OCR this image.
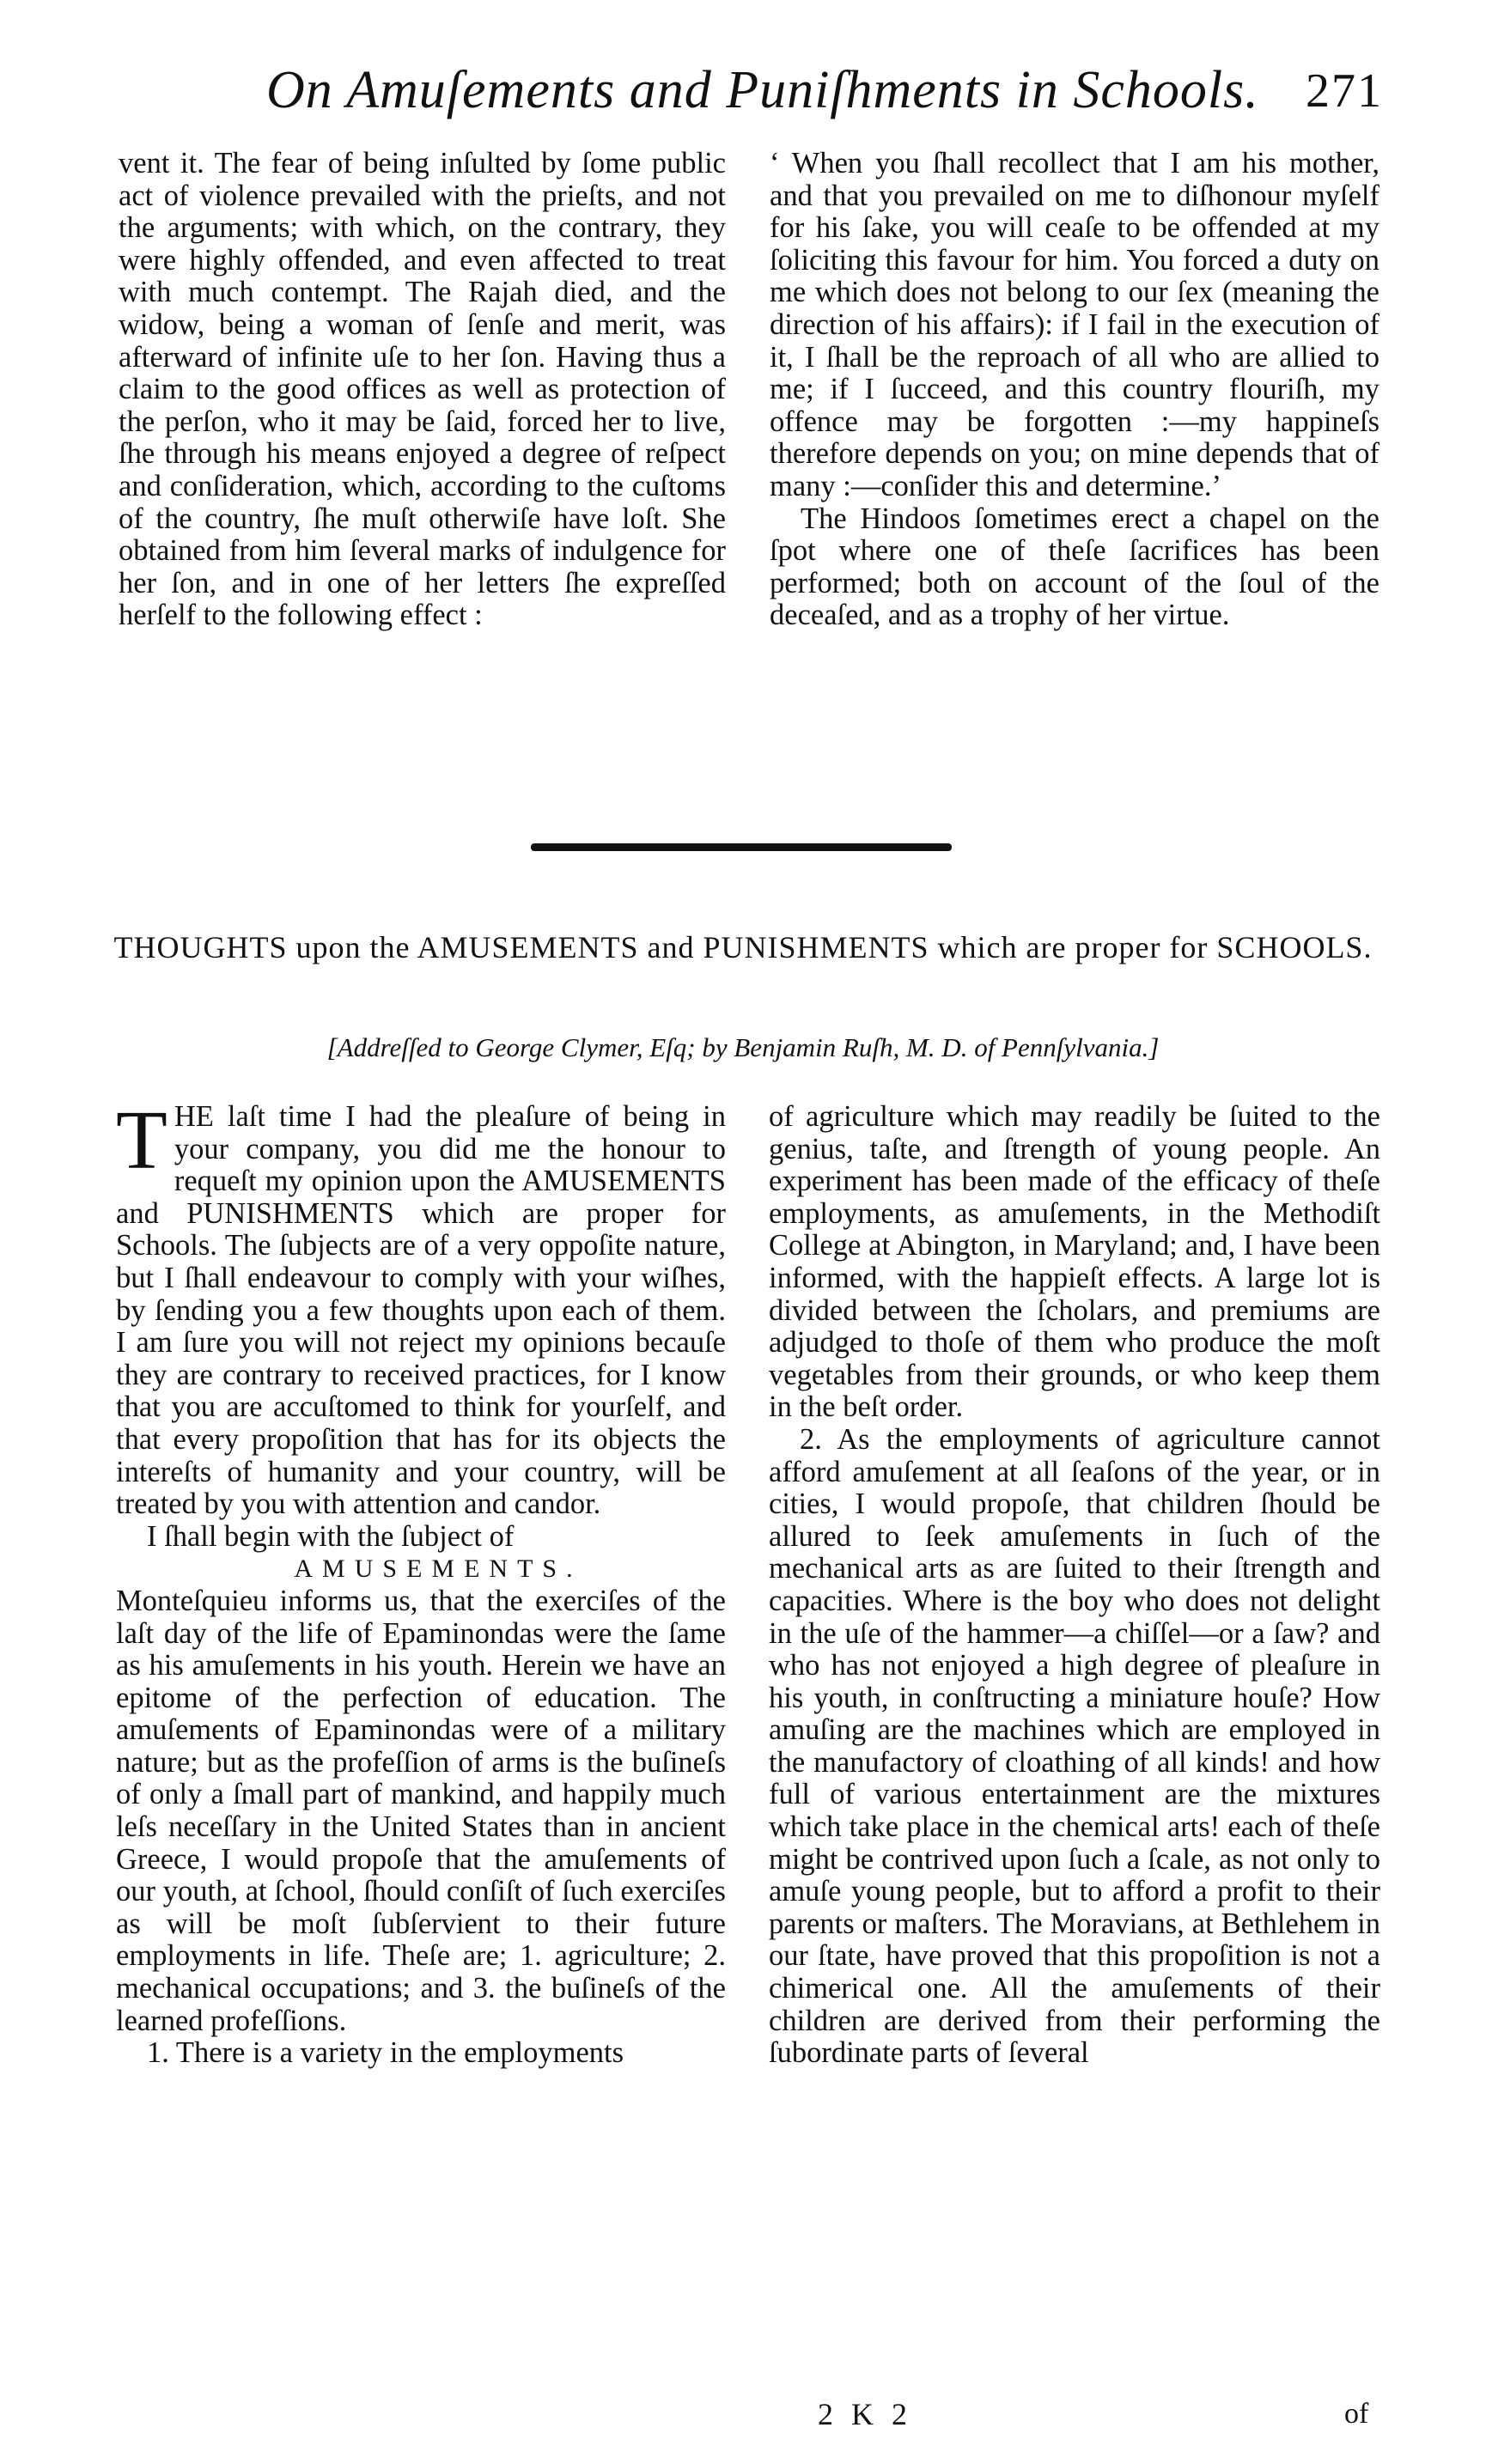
On Amuſements and Puniſhments in Schools. 271

vent it. The fear of being inſulted by ſome public act of violence prevailed with the prieſts, and not the arguments; with which, on the contrary, they were highly offended, and even affected to treat with much contempt. The Rajah died, and the widow, being a woman of ſenſe and merit, was afterward of infinite uſe to her ſon. Having thus a claim to the good offices as well as protection of the perſon, who it may be ſaid, forced her to live, ſhe through his means enjoyed a degree of reſpect and conſideration, which, according to the cuſtoms of the country, ſhe muſt otherwiſe have loſt. She obtained from him ſeveral marks of indulgence for her ſon, and in one of her letters ſhe expreſſed herſelf to the following effect :

‘ When you ſhall recollect that I am his mother, and that you prevailed on me to diſhonour myſelf for his ſake, you will ceaſe to be offended at my ſoliciting this favour for him. You forced a duty on me which does not belong to our ſex (meaning the direction of his affairs): if I fail in the execution of it, I ſhall be the reproach of all who are allied to me; if I ſucceed, and this country flouriſh, my offence may be forgotten :—my happineſs therefore depends on you; on mine depends that of many :—conſider this and determine.’

The Hindoos ſometimes erect a chapel on the ſpot where one of theſe ſacrifices has been performed; both on account of the ſoul of the deceaſed, and as a trophy of her virtue.

THOUGHTS upon the AMUSEMENTS and PUNISHMENTS which are proper for SCHOOLS.
[Addreſſed to George Clymer, Eſq; by Benjamin Ruſh, M. D. of Pennſylvania.]

THE laſt time I had the pleaſure of being in your company, you did me the honour to requeſt my opinion upon the AMUSEMENTS and PUNISHMENTS which are proper for Schools. The ſubjects are of a very oppoſite nature, but I ſhall endeavour to comply with your wiſhes, by ſending you a few thoughts upon each of them. I am ſure you will not reject my opinions becauſe they are contrary to received practices, for I know that you are accuſtomed to think for yourſelf, and that every propoſition that has for its objects the intereſts of humanity and your country, will be treated by you with attention and candor.

I ſhall begin with the ſubject of

AMUSEMENTS.

Monteſquieu informs us, that the exerciſes of the laſt day of the life of Epaminondas were the ſame as his amuſements in his youth. Herein we have an epitome of the perfection of education. The amuſements of Epaminondas were of a military nature; but as the profeſſion of arms is the buſineſs of only a ſmall part of mankind, and happily much leſs neceſſary in the United States than in ancient Greece, I would propoſe that the amuſements of our youth, at ſchool, ſhould conſiſt of ſuch exerciſes as will be moſt ſubſervient to their future employments in life. Theſe are; 1. agriculture; 2. mechanical occupations; and 3. the buſineſs of the learned profeſſions.

1. There is a variety in the employments

of agriculture which may readily be ſuited to the genius, taſte, and ſtrength of young people. An experiment has been made of the efficacy of theſe employments, as amuſements, in the Methodiſt College at Abington, in Maryland; and, I have been informed, with the happieſt effects. A large lot is divided between the ſcholars, and premiums are adjudged to thoſe of them who produce the moſt vegetables from their grounds, or who keep them in the beſt order.

2. As the employments of agriculture cannot afford amuſement at all ſeaſons of the year, or in cities, I would propoſe, that children ſhould be allured to ſeek amuſements in ſuch of the mechanical arts as are ſuited to their ſtrength and capacities. Where is the boy who does not delight in the uſe of the hammer—a chiſſel—or a ſaw? and who has not enjoyed a high degree of pleaſure in his youth, in conſtructing a miniature houſe? How amuſing are the machines which are employed in the manufactory of cloathing of all kinds! and how full of various entertainment are the mixtures which take place in the chemical arts! each of theſe might be contrived upon ſuch a ſcale, as not only to amuſe young people, but to afford a profit to their parents or maſters. The Moravians, at Bethlehem in our ſtate, have proved that this propoſition is not a chimerical one. All the amuſements of their children are derived from their performing the ſubordinate parts of ſeveral

2 K 2	of
